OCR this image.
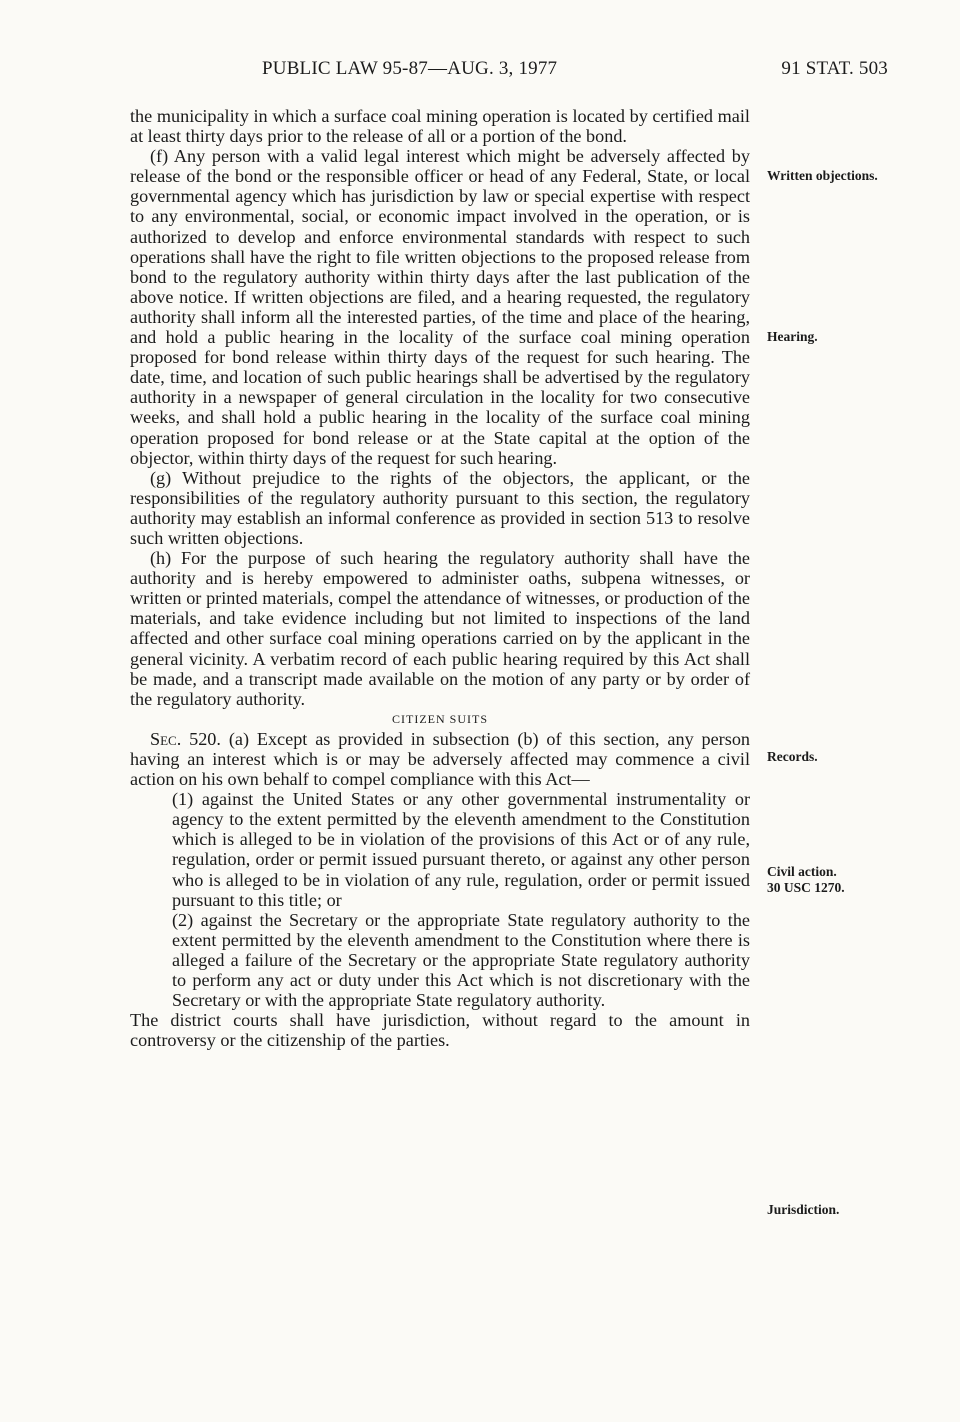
PUBLIC LAW 95-87—AUG. 3, 1977	91 STAT. 503

the municipality in which a surface coal mining operation is located by certified mail at least thirty days prior to the release of all or a portion of the bond.

(f) Any person with a valid legal interest which might be adversely affected by release of the bond or the responsible officer or head of any Federal, State, or local governmental agency which has jurisdiction by law or special expertise with respect to any environmental, social, or economic impact involved in the operation, or is authorized to develop and enforce environmental standards with respect to such operations shall have the right to file written objections to the proposed release from bond to the regulatory authority within thirty days after the last publication of the above notice. If written objections are filed, and a hearing requested, the regulatory authority shall inform all the interested parties, of the time and place of the hearing, and hold a public hearing in the locality of the surface coal mining operation proposed for bond release within thirty days of the request for such hearing. The date, time, and location of such public hearings shall be advertised by the regulatory authority in a newspaper of general circulation in the locality for two consecutive weeks, and shall hold a public hearing in the locality of the surface coal mining operation proposed for bond release or at the State capital at the option of the objector, within thirty days of the request for such hearing.

(g) Without prejudice to the rights of the objectors, the applicant, or the responsibilities of the regulatory authority pursuant to this section, the regulatory authority may establish an informal conference as provided in section 513 to resolve such written objections.

(h) For the purpose of such hearing the regulatory authority shall have the authority and is hereby empowered to administer oaths, subpena witnesses, or written or printed materials, compel the attendance of witnesses, or production of the materials, and take evidence including but not limited to inspections of the land affected and other surface coal mining operations carried on by the applicant in the general vicinity. A verbatim record of each public hearing required by this Act shall be made, and a transcript made available on the motion of any party or by order of the regulatory authority.

CITIZEN SUITS

Sec. 520. (a) Except as provided in subsection (b) of this section, any person having an interest which is or may be adversely affected may commence a civil action on his own behalf to compel compliance with this Act—

(1) against the United States or any other governmental instrumentality or agency to the extent permitted by the eleventh amendment to the Constitution which is alleged to be in violation of the provisions of this Act or of any rule, regulation, order or permit issued pursuant thereto, or against any other person who is alleged to be in violation of any rule, regulation, order or permit issued pursuant to this title; or

(2) against the Secretary or the appropriate State regulatory authority to the extent permitted by the eleventh amendment to the Constitution where there is alleged a failure of the Secretary or the appropriate State regulatory authority to perform any act or duty under this Act which is not discretionary with the Secretary or with the appropriate State regulatory authority.

The district courts shall have jurisdiction, without regard to the amount in controversy or the citizenship of the parties.

Written objections.
Hearing.
Records.
Civil action.
30 USC 1270.
Jurisdiction.
